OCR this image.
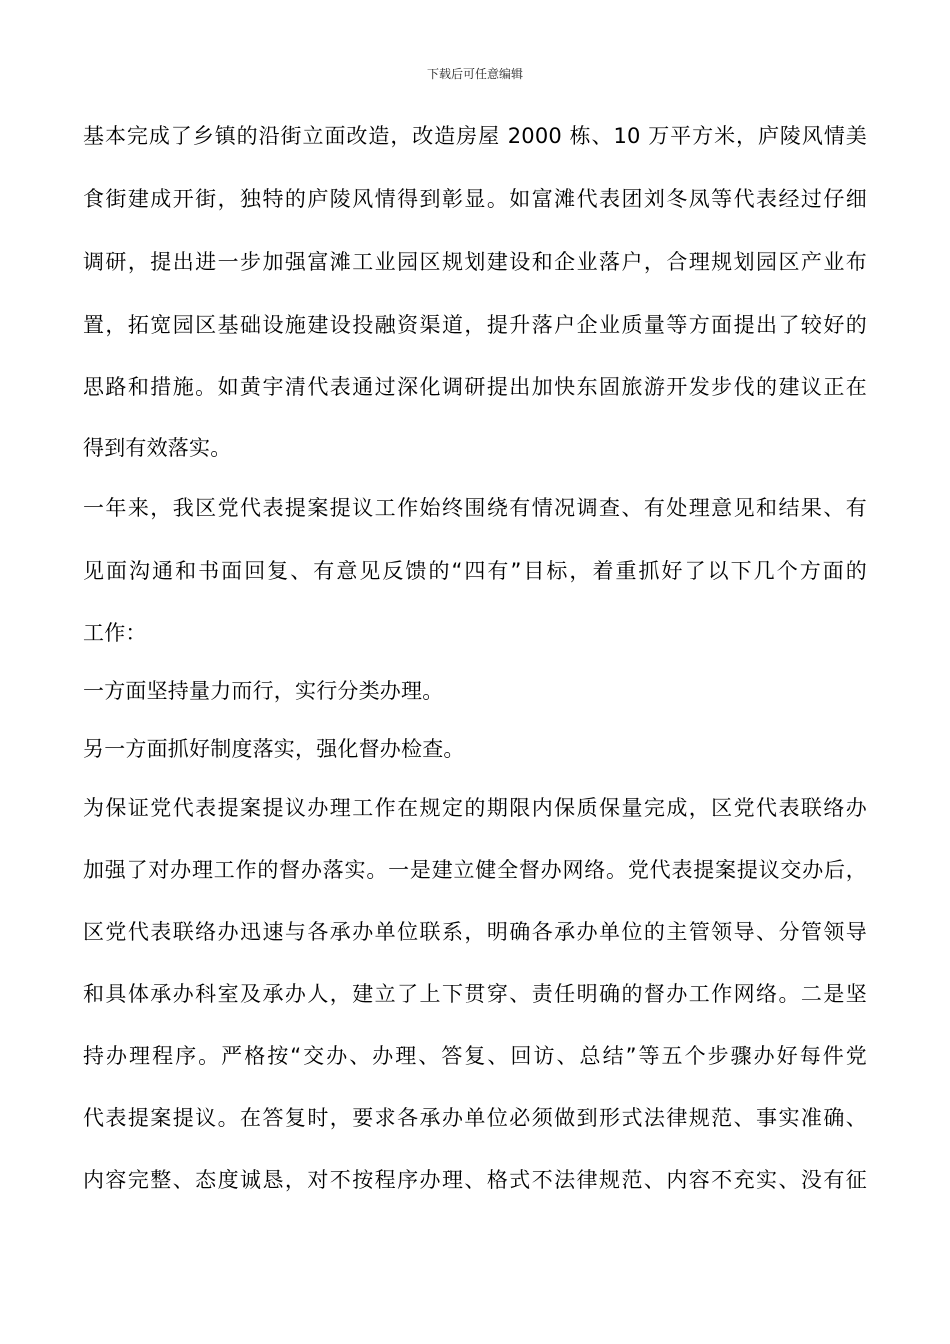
下载后可任意编辑
基本完成了乡镇的沿街立面改造，改造房屋 2000 栋、10 万平方米，庐陵风情美
食街建成开街，独特的庐陵风情得到彰显。如富滩代表团刘冬凤等代表经过仔细
调研，提出进一步加强富滩工业园区规划建设和企业落户，合理规划园区产业布
置，拓宽园区基础设施建设投融资渠道，提升落户企业质量等方面提出了较好的
思路和措施。如黄宇清代表通过深化调研提出加快东固旅游开发步伐的建议正在
得到有效落实。
一年来，我区党代表提案提议工作始终围绕有情况调查、有处理意见和结果、有
见面沟通和书面回复、有意见反馈的“四有”目标，着重抓好了以下几个方面的
工作：
一方面坚持量力而行，实行分类办理。
另一方面抓好制度落实，强化督办检查。
为保证党代表提案提议办理工作在规定的期限内保质保量完成，区党代表联络办
加强了对办理工作的督办落实。一是建立健全督办网络。党代表提案提议交办后，
区党代表联络办迅速与各承办单位联系，明确各承办单位的主管领导、分管领导
和具体承办科室及承办人，建立了上下贯穿、责任明确的督办工作网络。二是坚
持办理程序。严格按“交办、办理、答复、回访、总结”等五个步骤办好每件党
代表提案提议。在答复时，要求各承办单位必须做到形式法律规范、事实准确、
内容完整、态度诚恳，对不按程序办理、格式不法律规范、内容不充实、没有征
